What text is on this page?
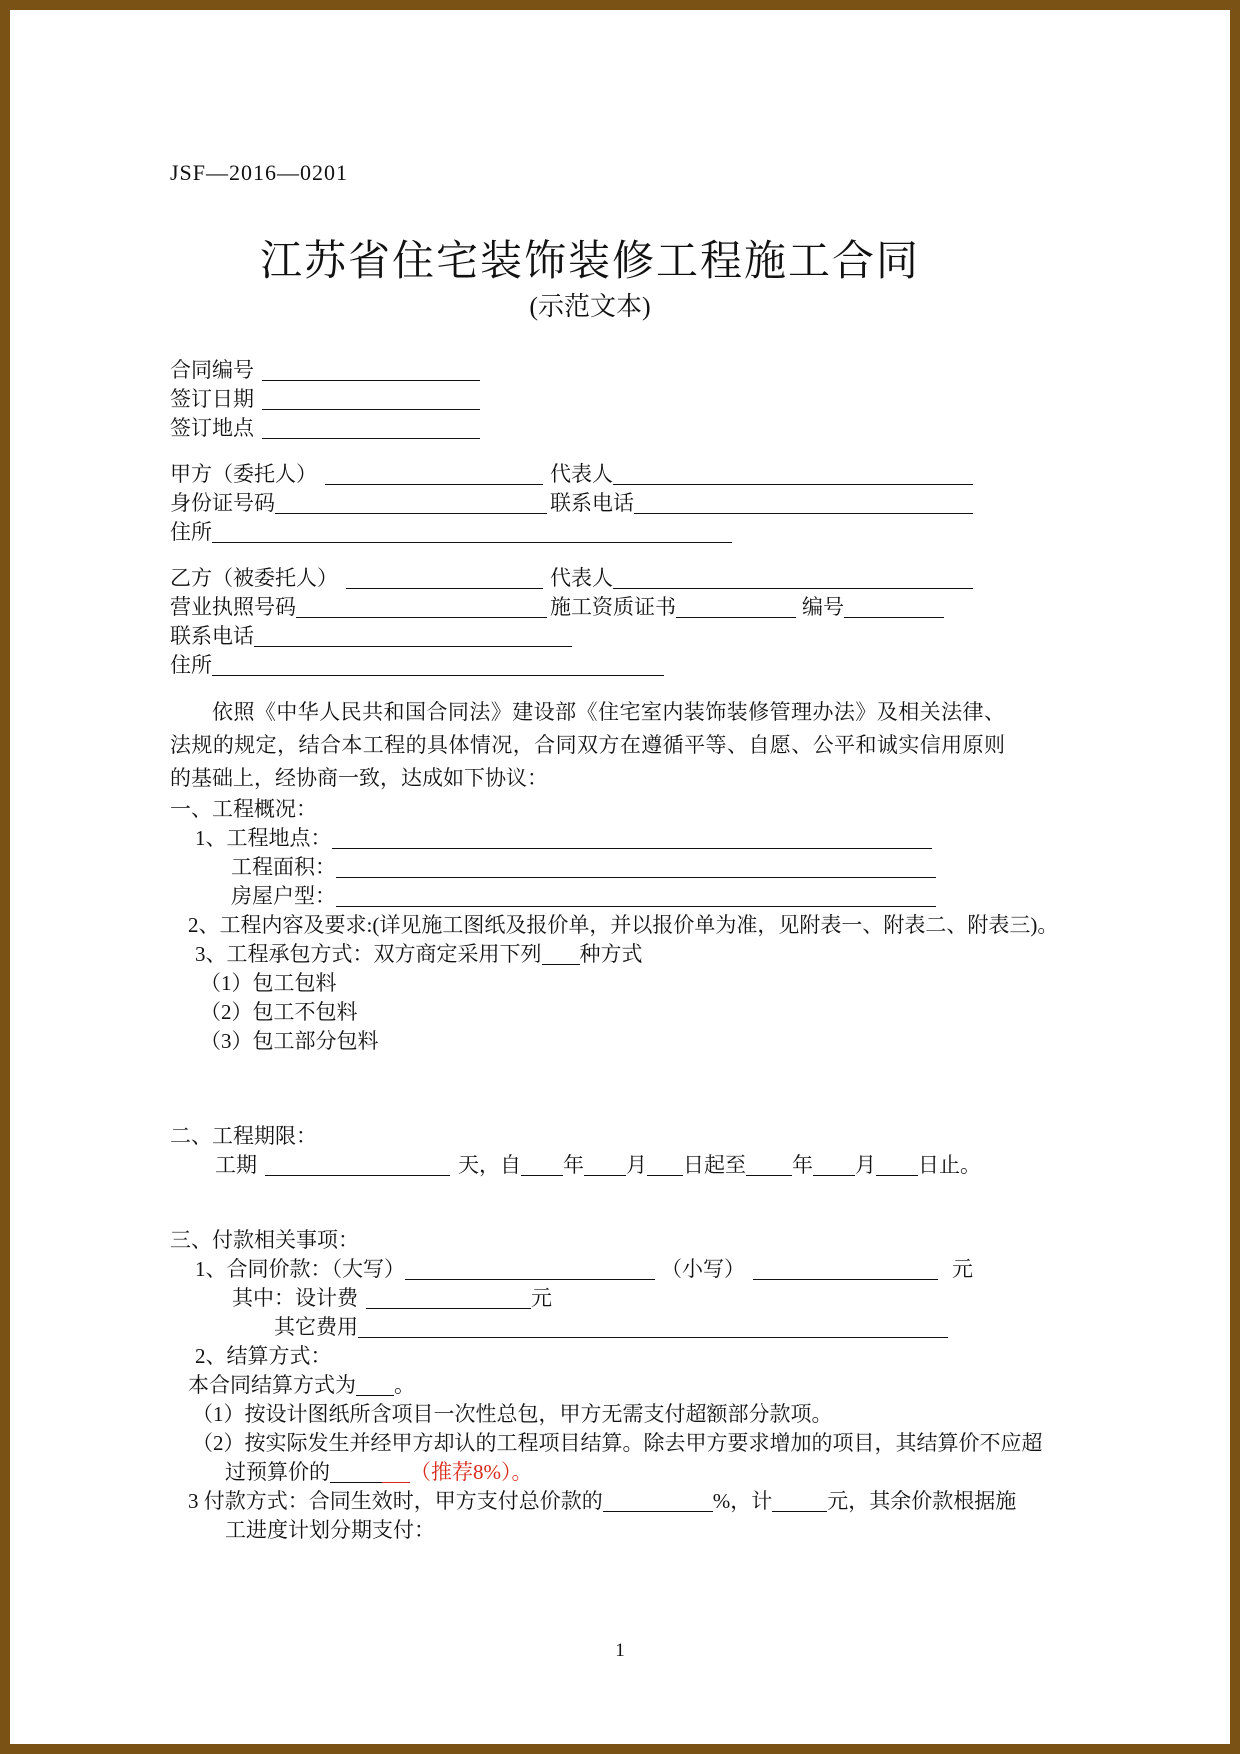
JSF—2016—0201
江苏省住宅装饰装修工程施工合同
(示范文本)
合同编号
签订日期
签订地点
甲方（委托人）	代表人
身份证号码	联系电话
住所
乙方（被委托人）	代表人
营业执照号码	施工资质证书	编号
联系电话
住所
依照《中华人民共和国合同法》建设部《住宅室内装饰装修管理办法》及相关法律、法规的规定，结合本工程的具体情况，合同双方在遵循平等、自愿、公平和诚实信用原则的基础上，经协商一致，达成如下协议：
一、工程概况：
1、工程地点：
工程面积：
房屋户型：
2、工程内容及要求:(详见施工图纸及报价单，并以报价单为准，见附表一、附表二、附表三)。
3、工程承包方式：双方商定采用下列 种方式
（1）包工包料
（2）包工不包料
（3）包工部分包料
二、工程期限：
工期	天，自 年 月 日起至 年 月 日止。
三、付款相关事项：
1、合同价款：（大写）	（小写）	元
其中：设计费	元
其它费用
2、结算方式：
本合同结算方式为 。
（1）按设计图纸所含项目一次性总包，甲方无需支付超额部分款项。
（2）按实际发生并经甲方却认的工程项目结算。除去甲方要求增加的项目，其结算价不应超
过预算价的	（推荐8%）。
3 付款方式：合同生效时，甲方支付总价款的	%，计	元，其余价款根据施
工进度计划分期支付：
1
